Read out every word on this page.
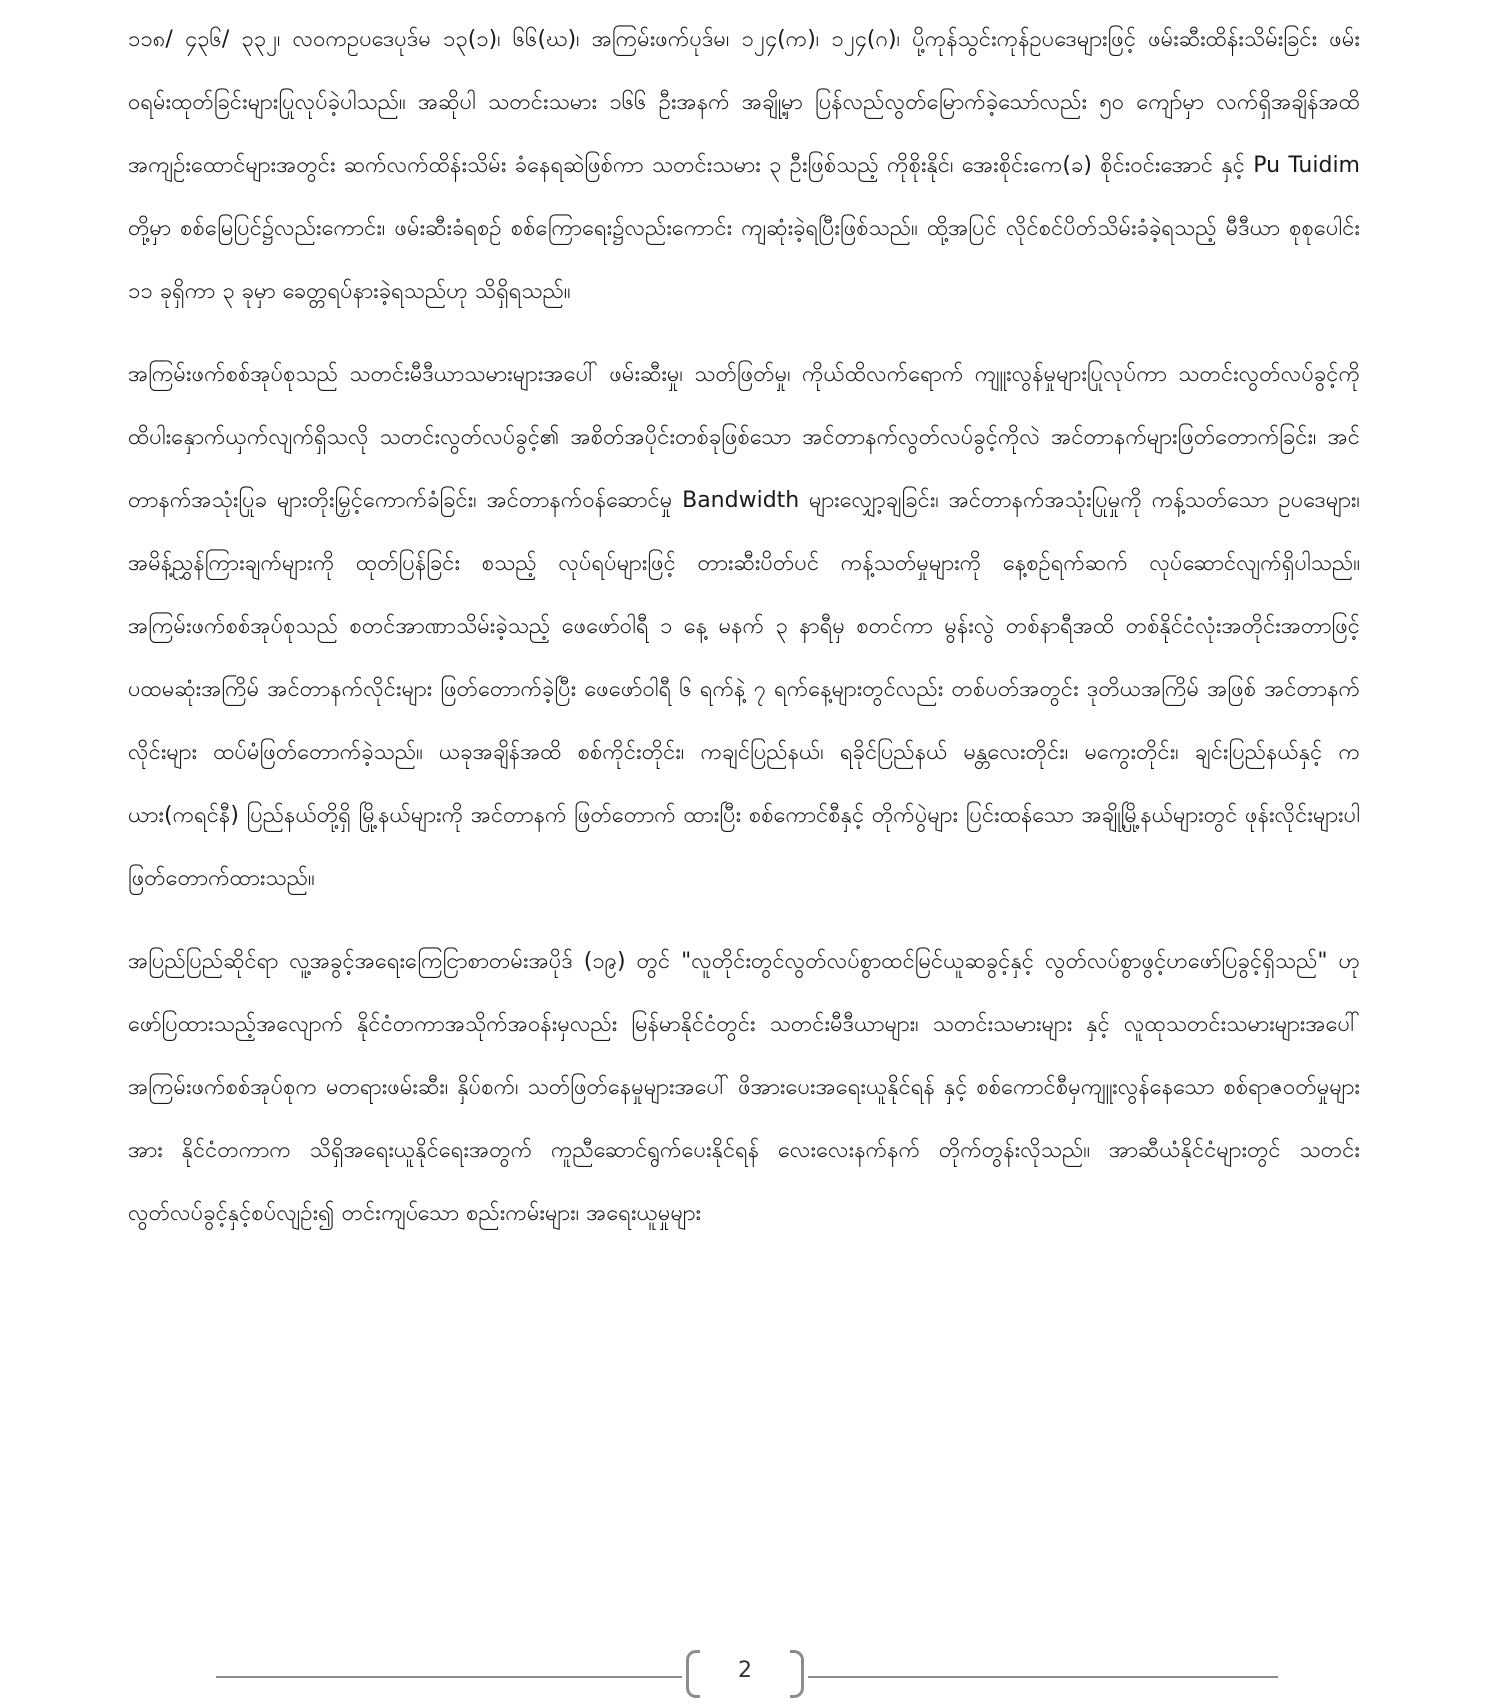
၁၁၈/ ၄၃၆/ ၃၃၂၊ လဝကဥပဒေပုဒ်မ ၁၃(၁)၊ ၆၆(ဃ)၊ အကြမ်းဖက်ပုဒ်မ၊ ၁၂၄(က)၊ ၁၂၄(ဂ)၊ ပို့ကုန်သွင်းကုန်ဥပဒေများဖြင့် ဖမ်းဆီးထိန်းသိမ်းခြင်း ဖမ်းဝရမ်းထုတ်ခြင်းများပြုလုပ်ခဲ့ပါသည်။ အဆိုပါ သတင်းသမား ၁၆၆ ဦးအနက် အချို့မှာ ပြန်လည်လွတ်မြောက်ခဲ့သော်လည်း ၅၀ ကျော်မှာ လက်ရှိအချိန်အထိ အကျဉ်းထောင်များအတွင်း ဆက်လက်ထိန်းသိမ်း ခံနေရဆဲဖြစ်ကာ သတင်းသမား ၃ ဦးဖြစ်သည့် ကိုစိုးနိုင်၊ အေးစိုင်းကေ(ခ) စိုင်းဝင်းအောင် နှင့် Pu Tuidim တို့မှာ စစ်မြေပြင်၌လည်းကောင်း၊ ဖမ်းဆီးခံရစဉ် စစ်ကြောရေး၌လည်းကောင်း ကျဆုံးခဲ့ရပြီးဖြစ်သည်။ ထို့အပြင် လိုင်စင်ပိတ်သိမ်းခံခဲ့ရသည့် မီဒီယာ စုစုပေါင်း ၁၁ ခုရှိကာ ၃ ခုမှာ ခေတ္တရပ်နားခဲ့ရသည်ဟု သိရှိရသည်။

အကြမ်းဖက်စစ်အုပ်စုသည် သတင်းမီဒီယာသမားများအပေါ် ဖမ်းဆီးမှု၊ သတ်ဖြတ်မှု၊ ကိုယ်ထိလက်ရောက် ကျူးလွန်မှုများပြုလုပ်ကာ သတင်းလွတ်လပ်ခွင့်ကို ထိပါးနှောက်ယှက်လျက်ရှိသလို သတင်းလွတ်လပ်ခွင့်၏ အစိတ်အပိုင်းတစ်ခုဖြစ်သော အင်တာနက်လွတ်လပ်ခွင့်ကိုလဲ အင်တာနက်များဖြတ်တောက်ခြင်း၊ အင်တာနက်အသုံးပြုခ များတိုးမြှင့်ကောက်ခံခြင်း၊ အင်တာနက်ဝန်ဆောင်မှု Bandwidth များလျှော့ချခြင်း၊ အင်တာနက်အသုံးပြုမှုကို ကန့်သတ်သော ဥပဒေများ၊ အမိန့်ညွှန်ကြားချက်များကို ထုတ်ပြန်ခြင်း စသည့် လုပ်ရပ်များဖြင့် တားဆီးပိတ်ပင် ကန့်သတ်မှုများကို နေ့စဉ်ရက်ဆက် လုပ်ဆောင်လျက်ရှိပါသည်။ အကြမ်းဖက်စစ်အုပ်စုသည် စတင်အာဏာသိမ်းခဲ့သည့် ဖေဖော်ဝါရီ ၁ နေ့ မနက် ၃ နာရီမှ စတင်ကာ မွန်းလွဲ တစ်နာရီအထိ တစ်နိုင်ငံလုံးအတိုင်းအတာဖြင့် ပထမဆုံးအကြိမ် အင်တာနက်လိုင်းများ ဖြတ်တောက်ခဲ့ပြီး ဖေဖော်ဝါရီ ၆ ရက်နဲ့ ၇ ရက်နေ့များတွင်လည်း တစ်ပတ်အတွင်း ဒုတိယအကြိမ် အဖြစ် အင်တာနက်လိုင်းများ ထပ်မံဖြတ်တောက်ခဲ့သည်။ ယခုအချိန်အထိ စစ်ကိုင်းတိုင်း၊ ကချင်ပြည်နယ်၊ ရခိုင်ပြည်နယ် မန္တလေးတိုင်း၊ မကွေးတိုင်း၊ ချင်းပြည်နယ်နှင့် ကယား(ကရင်နီ) ပြည်နယ်တို့ရှိ မြို့နယ်များကို အင်တာနက် ဖြတ်တောက် ထားပြီး စစ်ကောင်စီနှင့် တိုက်ပွဲများ ပြင်းထန်သော အချို့မြို့နယ်များတွင် ဖုန်းလိုင်းများပါ ဖြတ်တောက်ထားသည်။

အပြည်ပြည်ဆိုင်ရာ လူ့အခွင့်အရေးကြေငြာစာတမ်းအပိုဒ် (၁၉) တွင် "လူတိုင်းတွင်လွတ်လပ်စွာထင်မြင်ယူဆခွင့်နှင့် လွတ်လပ်စွာဖွင့်ဟဖော်ပြခွင့်ရှိသည်" ဟု ဖော်ပြထားသည့်အလျောက် နိုင်ငံတကာအသိုက်အဝန်းမှလည်း မြန်မာနိုင်ငံတွင်း သတင်းမီဒီယာများ၊ သတင်းသမားများ နှင့် လူထုသတင်းသမားများအပေါ် အကြမ်းဖက်စစ်အုပ်စုက မတရားဖမ်းဆီး၊ နှိပ်စက်၊ သတ်ဖြတ်နေမှုများအပေါ် ဖိအားပေးအရေးယူနိုင်ရန် နှင့် စစ်ကောင်စီမှကျူးလွန်နေသော စစ်ရာဇဝတ်မှုများအား နိုင်ငံတကာက သိရှိအရေးယူနိုင်ရေးအတွက် ကူညီဆောင်ရွက်ပေးနိုင်ရန် လေးလေးနက်နက် တိုက်တွန်းလိုသည်။ အာဆီယံနိုင်ငံများတွင် သတင်းလွတ်လပ်ခွင့်နှင့်စပ်လျဉ်း၍ တင်းကျပ်သော စည်းကမ်းများ၊ အရေးယူမှုများ

2
